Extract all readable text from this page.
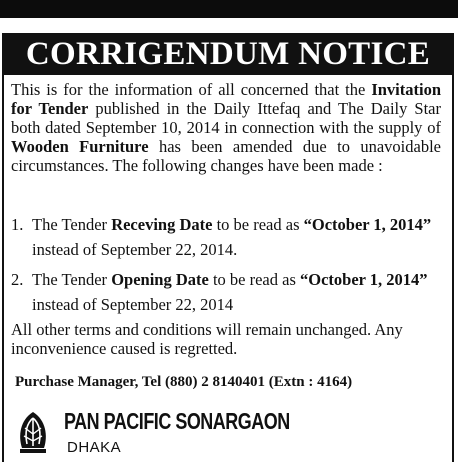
CORRIGENDUM NOTICE

This is for the information of all concerned that the Invitation for Tender published in the Daily Ittefaq and The Daily Star both dated September 10, 2014 in connection with the supply of Wooden Furniture has been amended due to unavoidable circumstances. The following changes have been made :

1. The Tender Receving Date to be read as “October 1, 2014” instead of September 22, 2014.
2. The Tender Opening Date to be read as “October 1, 2014” instead of September 22, 2014
All other terms and conditions will remain unchanged. Any inconvenience caused is regretted.
Purchase Manager, Tel (880) 2 8140401 (Extn : 4164)
PAN PACIFIC SONARGAON
DHAKA
